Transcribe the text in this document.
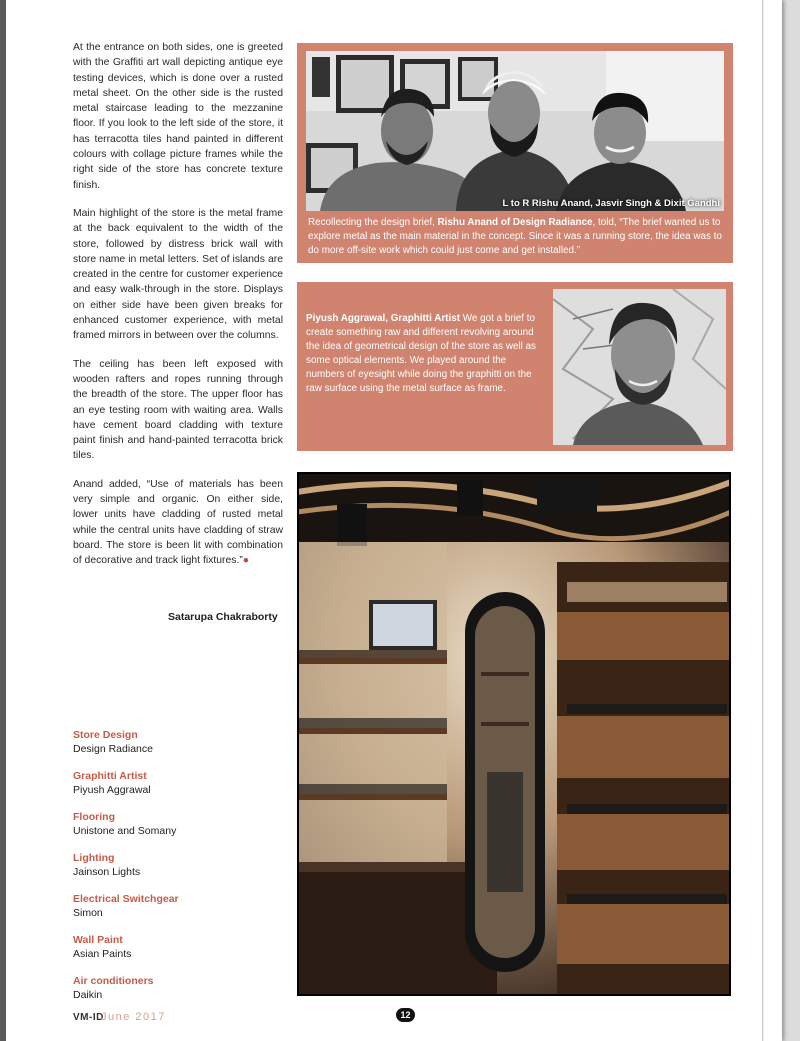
At the entrance on both sides, one is greeted with the Graffiti art wall depicting antique eye testing devices, which is done over a rusted metal sheet. On the other side is the rusted metal staircase leading to the mezzanine floor. If you look to the left side of the store, it has terracotta tiles hand painted in different colours with collage picture frames while the right side of the store has concrete texture finish.

Main highlight of the store is the metal frame at the back equivalent to the width of the store, followed by distress brick wall with store name in metal letters. Set of islands are created in the centre for customer experience and easy walk-through in the store. Displays on either side have been given breaks for enhanced customer experience, with metal framed mirrors in between over the columns.

The ceiling has been left exposed with wooden rafters and ropes running through the breadth of the store. The upper floor has an eye testing room with waiting area. Walls have cement board cladding with texture paint finish and hand-painted terracotta brick tiles.

Anand added, “Use of materials has been very simple and organic. On either side, lower units have cladding of rusted metal while the central units have cladding of straw board. The store is been lit with combination of decorative and track light fixtures.”●

Satarupa Chakraborty
Store Design
Design Radiance
Graphitti Artist
Piyush Aggrawal
Flooring
Unistone and Somany
Lighting
Jainson Lights
Electrical Switchgear
Simon
Wall Paint
Asian Paints
Air conditioners
Daikin
L to R Rishu Anand, Jasvir Singh & Dixit Gandhi
Recollecting the design brief, Rishu Anand of Design Radiance, told, “The brief wanted us to explore metal as the main material in the concept. Since it was a running store, the idea was to do more off-site work which could just come and get installed.”
Piyush Aggrawal, Graphitti Artist We got a brief to create something raw and different revolving around the idea of geometrical design of the store as well as some optical elements. We played around the numbers of eyesight while doing the graphitti on the raw surface using the metal surface as frame.
VM-ID
June 2017	12
